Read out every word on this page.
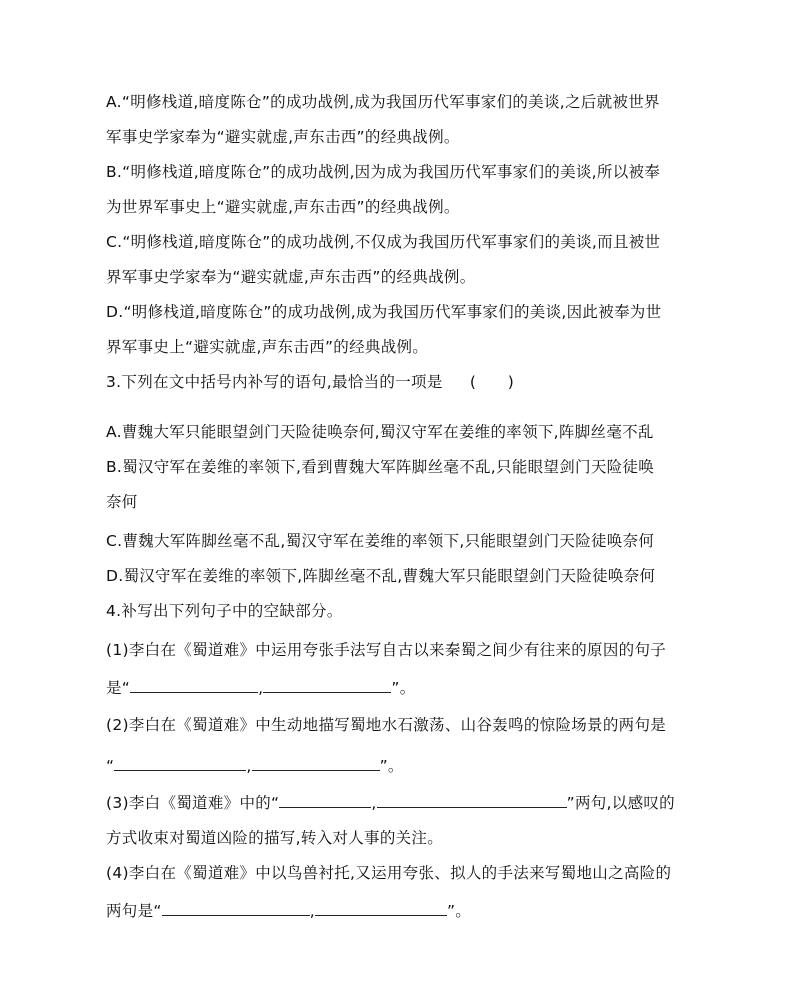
A.“明修栈道,暗度陈仓”的成功战例,成为我国历代军事家们的美谈,之后就被世界
军事史学家奉为“避实就虚,声东击西”的经典战例。
B.“明修栈道,暗度陈仓”的成功战例,因为成为我国历代军事家们的美谈,所以被奉
为世界军事史上“避实就虚,声东击西”的经典战例。
C.“明修栈道,暗度陈仓”的成功战例,不仅成为我国历代军事家们的美谈,而且被世
界军事史学家奉为“避实就虚,声东击西”的经典战例。
D.“明修栈道,暗度陈仓”的成功战例,成为我国历代军事家们的美谈,因此被奉为世
界军事史上“避实就虚,声东击西”的经典战例。
3.下列在文中括号内补写的语句,最恰当的一项是 (　　)
A.曹魏大军只能眼望剑门天险徒唤奈何,蜀汉守军在姜维的率领下,阵脚丝毫不乱
B.蜀汉守军在姜维的率领下,看到曹魏大军阵脚丝毫不乱,只能眼望剑门天险徒唤
奈何
C.曹魏大军阵脚丝毫不乱,蜀汉守军在姜维的率领下,只能眼望剑门天险徒唤奈何
D.蜀汉守军在姜维的率领下,阵脚丝毫不乱,曹魏大军只能眼望剑门天险徒唤奈何
4.补写出下列句子中的空缺部分。
(1)李白在《蜀道难》中运用夸张手法写自古以来秦蜀之间少有往来的原因的句子
是“	,	”。
(2)李白在《蜀道难》中生动地描写蜀地水石激荡、山谷轰鸣的惊险场景的两句是
“	,	”。
(3)李白《蜀道难》中的“	,	”两句,以感叹的
方式收束对蜀道凶险的描写,转入对人事的关注。
(4)李白在《蜀道难》中以鸟兽衬托,又运用夸张、拟人的手法来写蜀地山之高险的
两句是“	,	”。
